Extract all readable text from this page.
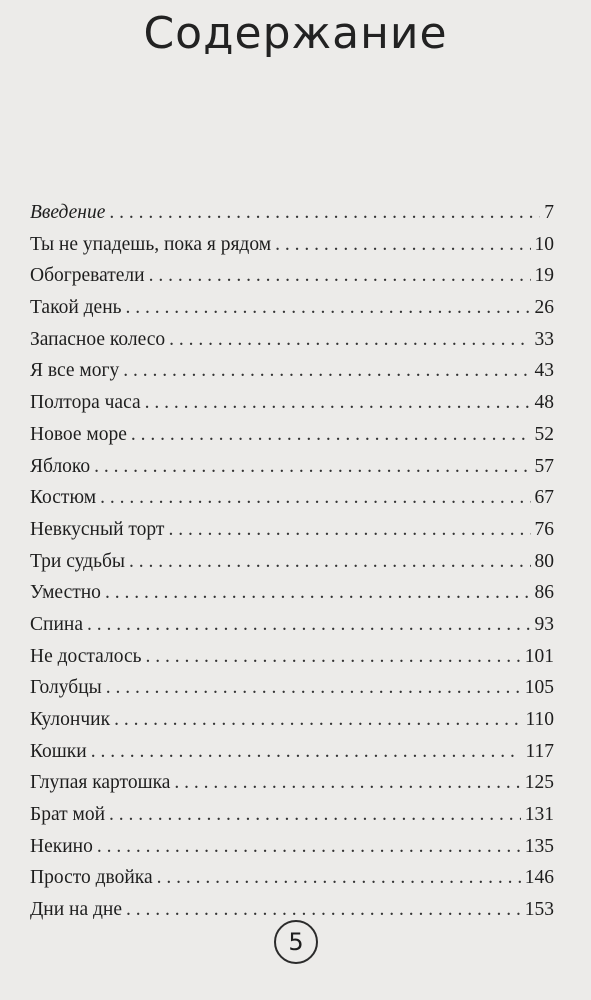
Содержание
Введение . . .	7
Ты не упадешь, пока я рядом . . .	10
Обогреватели . . .	19
Такой день . . .	26
Запасное колесо . . .	33
Я все могу . . .	43
Полтора часа . . .	48
Новое море . . .	52
Яблоко . . .	57
Костюм . . .	67
Невкусный торт . . .	76
Три судьбы . . .	80
Уместно . . .	86
Спина . . .	93
Не досталось . . .	101
Голубцы . . .	105
Кулончик . . .	110
Кошки . . .	117
Глупая картошка . . .	125
Брат мой . . .	131
Некино . . .	135
Просто двойка . . .	146
Дни на дне . . .	153
5
